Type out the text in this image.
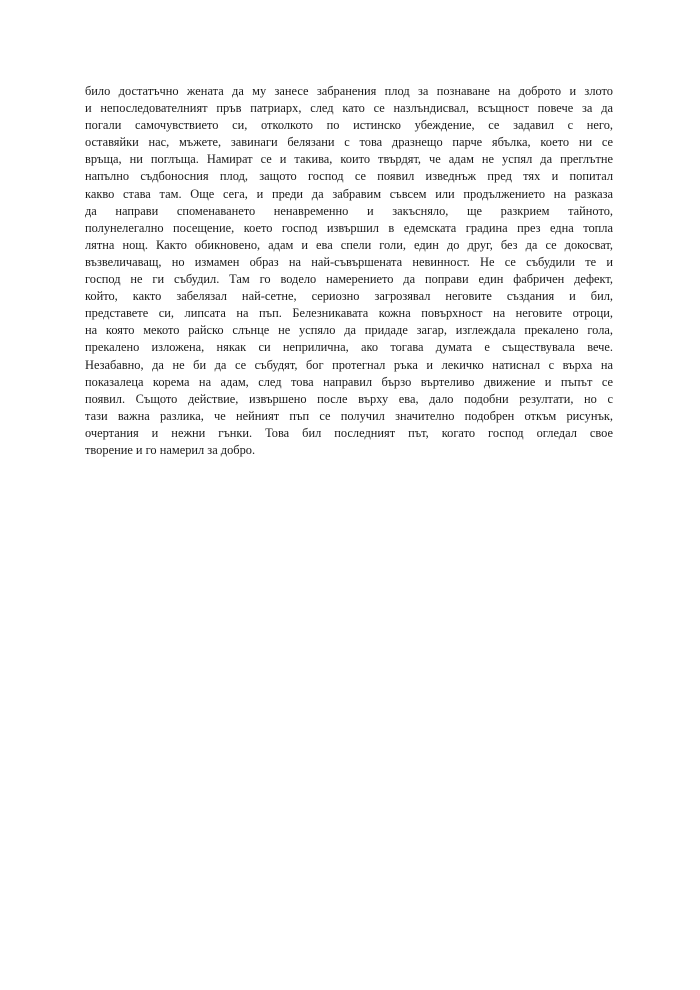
било достатъчно жената да му занесе забранения плод за познаване на доброто и злото
и непоследователният пръв патриарх, след като се назлъндисвал, всъщност повече за да
погали самочувствието си, отколкото по истинско убеждение, се задавил с него,
оставяйки нас, мъжете, завинаги белязани с това дразнещо парче ябълка, което ни се
връща, ни поглъща. Намират се и такива, които твърдят, че адам не успял да преглътне
напълно съдбоносния плод, защото господ се появил изведнъж пред тях и попитал
какво става там. Още сега, и преди да забравим съвсем или продължението на разказа
да направи споменаването ненавременно и закъсняло, ще разкрием тайното,
полунелегално посещение, което господ извършил в едемската градина през една топла
лятна нощ. Както обикновено, адам и ева спели голи, един до друг, без да се докосват,
възвеличаващ, но измамен образ на най-съвършената невинност. Не се събудили те и
господ не ги събудил. Там го водело намерението да поправи един фабричен дефект,
който, както забелязал най-сетне, сериозно загрозявал неговите създания и бил,
представете си, липсата на пъп. Белезникавата кожна повърхност на неговите отроци,
на която мекото райско слънце не успяло да придаде загар, изглеждала прекалено гола,
прекалено изложена, някак си неприлична, ако тогава думата е съществувала вече.
Незабавно, да не би да се събудят, бог протегнал ръка и лекичко натиснал с върха на
показалеца корема на адам, след това направил бързо въртеливо движение и пъпът се
появил. Същото действие, извършено после върху ева, дало подобни резултати, но с
тази важна разлика, че нейният пъп се получил значително подобрен откъм рисунък,
очертания и нежни гънки. Това бил последният път, когато господ огледал свое
творение и го намерил за добро.
